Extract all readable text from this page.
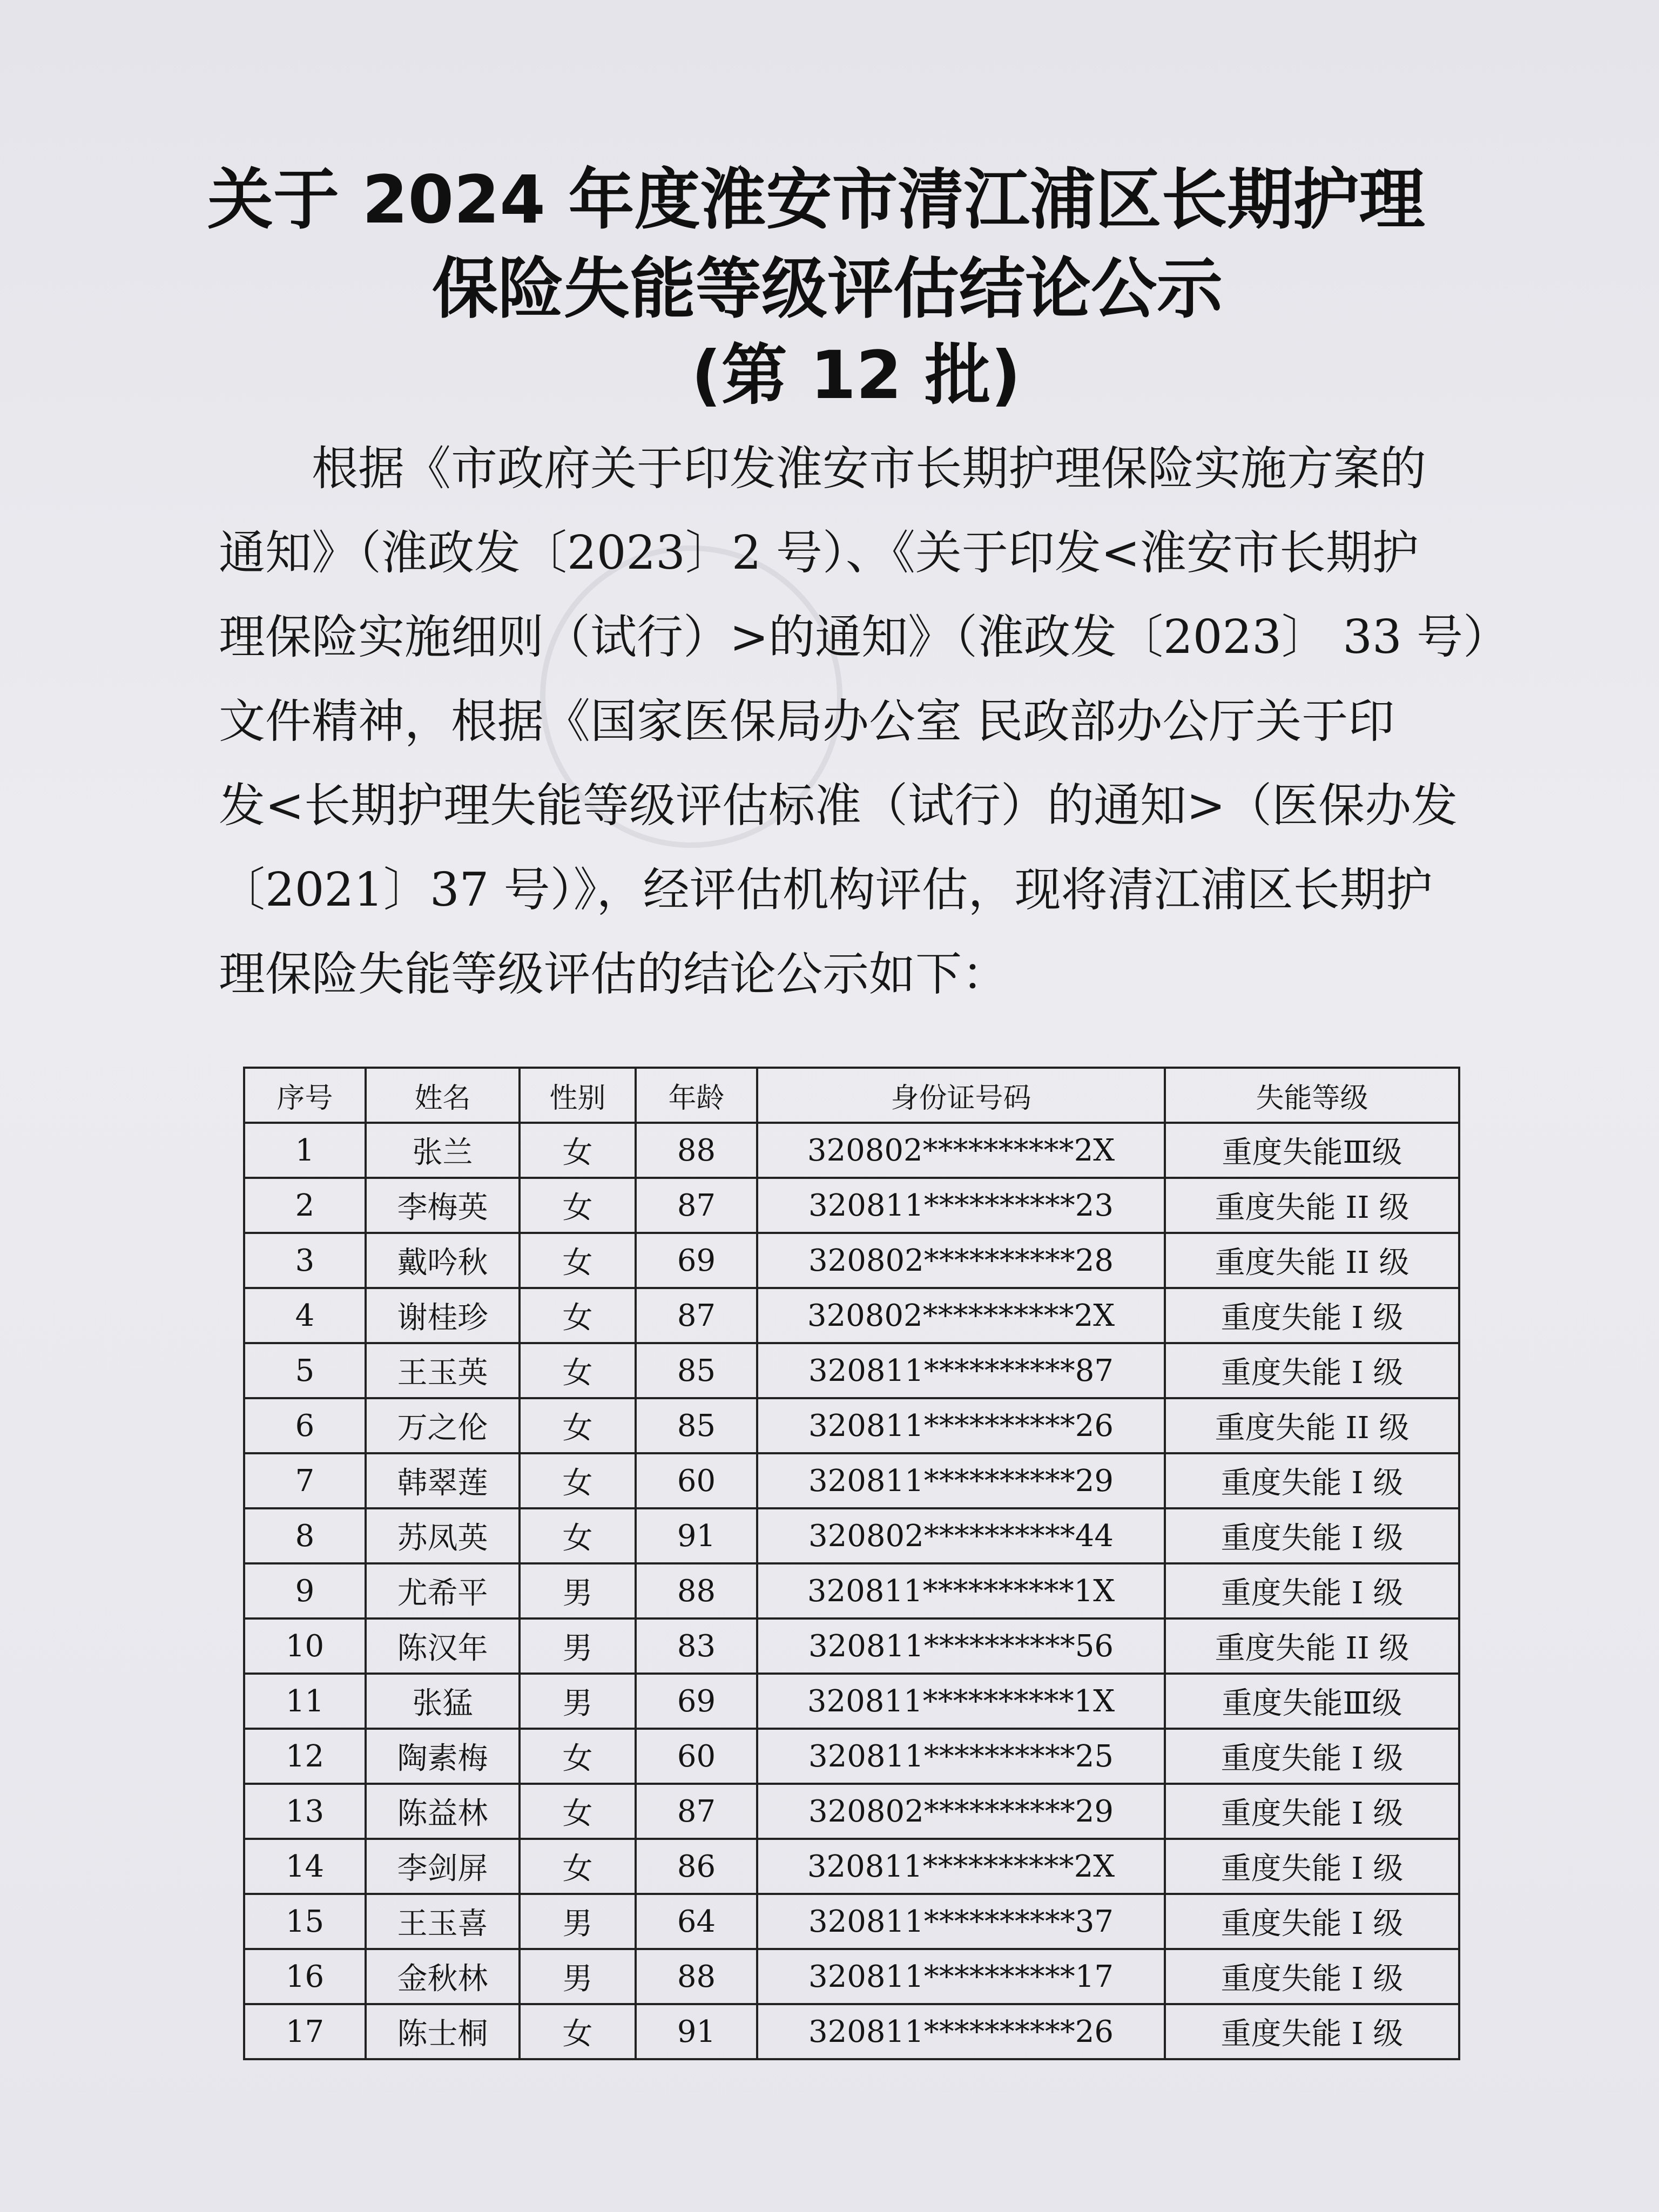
关于 2024 年度淮安市清江浦区长期护理
保险失能等级评估结论公示
(第 12 批)
根据《市政府关于印发淮安市长期护理保险实施方案的
通知》（淮政发〔2023〕2 号）、《关于印发<淮安市长期护
理保险实施细则（试行）>的通知》（淮政发〔2023〕 33 号）
文件精神，根据《国家医保局办公室 民政部办公厅关于印
发<长期护理失能等级评估标准（试行）的通知>（医保办发
〔2021〕37 号）》，经评估机构评估，现将清江浦区长期护
理保险失能等级评估的结论公示如下：
序号	姓名	性别	年龄	身份证号码	失能等级
1	张兰	女	88	320802**********2X	重度失能Ⅲ级
2	李梅英	女	87	320811**********23	重度失能 II 级
3	戴吟秋	女	69	320802**********28	重度失能 II 级
4	谢桂珍	女	87	320802**********2X	重度失能 I 级
5	王玉英	女	85	320811**********87	重度失能 I 级
6	万之伦	女	85	320811**********26	重度失能 II 级
7	韩翠莲	女	60	320811**********29	重度失能 I 级
8	苏凤英	女	91	320802**********44	重度失能 I 级
9	尤希平	男	88	320811**********1X	重度失能 I 级
10	陈汉年	男	83	320811**********56	重度失能 II 级
11	张猛	男	69	320811**********1X	重度失能Ⅲ级
12	陶素梅	女	60	320811**********25	重度失能 I 级
13	陈益林	女	87	320802**********29	重度失能 I 级
14	李剑屏	女	86	320811**********2X	重度失能 I 级
15	王玉喜	男	64	320811**********37	重度失能 I 级
16	金秋林	男	88	320811**********17	重度失能 I 级
17	陈士桐	女	91	320811**********26	重度失能 I 级
